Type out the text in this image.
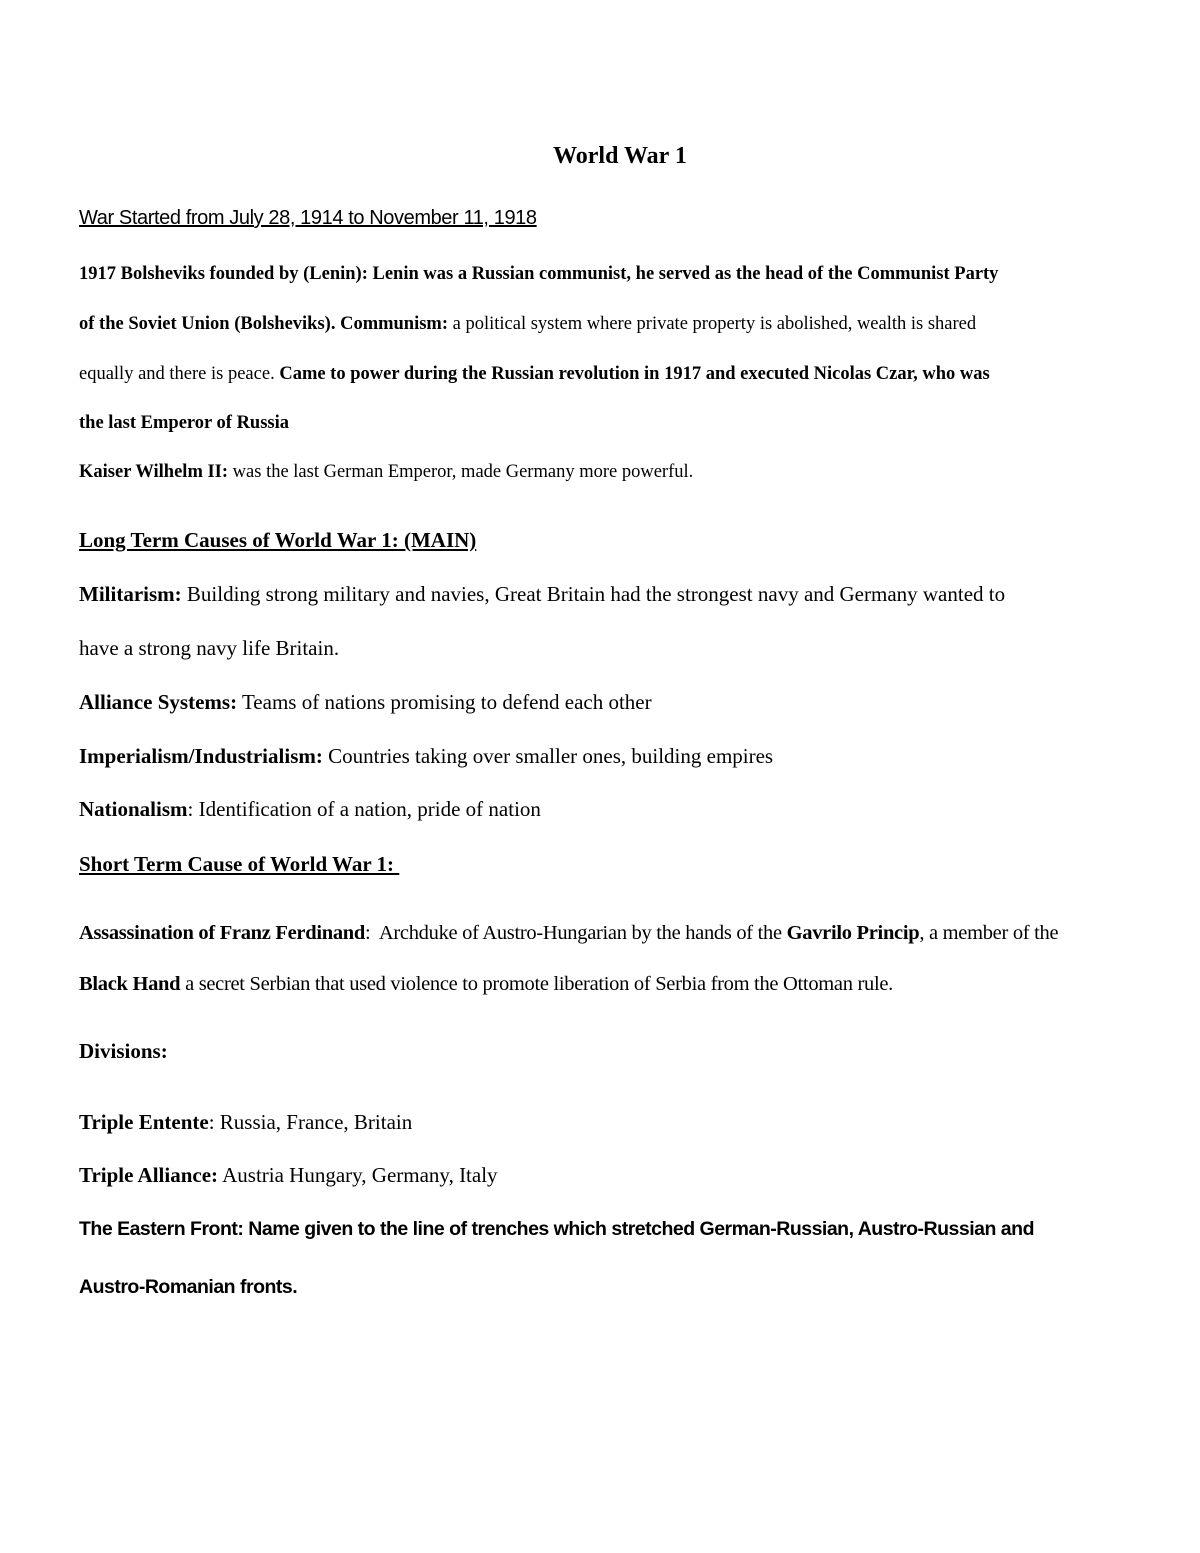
World War 1
War Started from July 28, 1914 to November 11, 1918
1917 Bolsheviks founded by (Lenin): Lenin was a Russian communist, he served as the head of the Communist Party
of the Soviet Union (Bolsheviks). Communism: a political system where private property is abolished, wealth is shared
equally and there is peace. Came to power during the Russian revolution in 1917 and executed Nicolas Czar, who was
the last Emperor of Russia
Kaiser Wilhelm II: was the last German Emperor, made Germany more powerful.
Long Term Causes of World War 1: (MAIN)
Militarism: Building strong military and navies, Great Britain had the strongest navy and Germany wanted to
have a strong navy life Britain.
Alliance Systems: Teams of nations promising to defend each other
Imperialism/Industrialism: Countries taking over smaller ones, building empires
Nationalism: Identification of a nation, pride of nation
Short Term Cause of World War 1:
Assassination of Franz Ferdinand:  Archduke of Austro-Hungarian by the hands of the Gavrilo Princip, a member of the
Black Hand a secret Serbian that used violence to promote liberation of Serbia from the Ottoman rule.
Divisions:
Triple Entente: Russia, France, Britain
Triple Alliance: Austria Hungary, Germany, Italy
The Eastern Front: Name given to the line of trenches which stretched German-Russian, Austro-Russian and
Austro-Romanian fronts.
